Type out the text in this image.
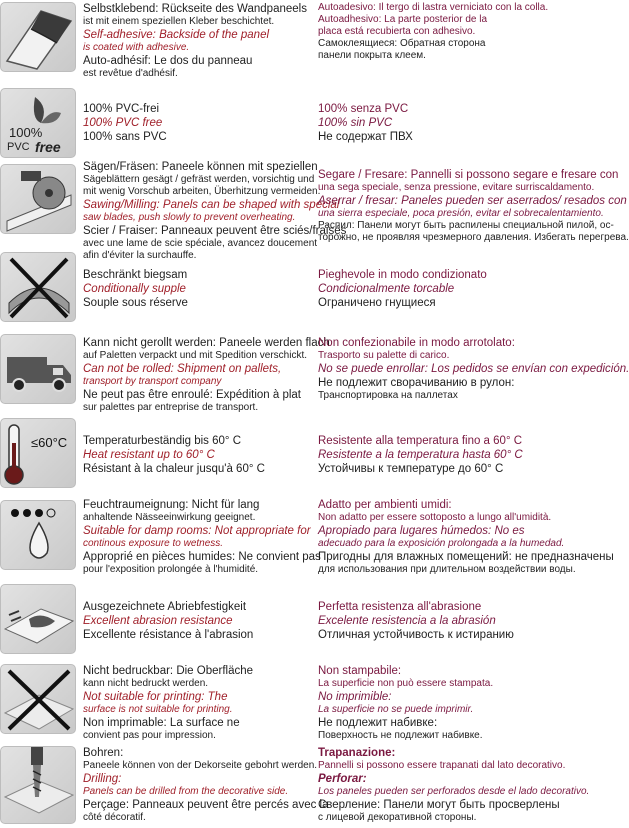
Selbstklebend: Rückseite des Wandpaneels
ist mit einem speziellen Kleber beschichtet.
Self-adhesive: Backside of the panel
is coated with adhesive.
Auto-adhésif: Le dos du panneau
est revêtue d'adhésif.
Autoadesivo: Il tergo di lastra verniciato con la colla.
Autoadhesivo: La parte posterior de la
placa está recubierta con adhesivo.
Самоклеящиеся: Обратная сторона
панели покрыта клеем.
100%
PVC free
100% PVC-frei
100% PVC free
100% sans PVC
100% senza PVC
100% sin PVC
Не содержат ПВХ
Sägen/Fräsen: Paneele können mit speziellen
Sägeblättern gesägt / gefräst werden, vorsichtig und
mit wenig Vorschub arbeiten, Überhitzung vermeiden.
Sawing/Milling: Panels can be shaped with special
saw blades, push slowly to prevent overheating.
Scier / Fraiser: Panneaux peuvent être sciés/fraisés
avec une lame de scie spéciale, avancez doucement
afin d'éviter la surchauffe.
Segare / Fresare: Pannelli si possono segare e fresare con
una sega speciale, senza pressione, evitare surriscaldamento.
Aserrar / fresar: Paneles pueden ser aserrados/ resados con
una sierra especiale, poca presión, evitar el sobrecalentamiento.
Распил: Панели могут быть распилены специальной пилой, ос-
торожно, не проявляя чрезмерного давления. Избегать перегрева.
Beschränkt biegsam
Conditionally supple
Souple sous réserve
Pieghevole in modo condizionato
Condicionalmente torcable
Ограничено гнущиеся
Kann nicht gerollt werden: Paneele werden flach
auf Paletten verpackt und mit Spedition verschickt.
Can not be rolled: Shipment on pallets,
transport by transport company
Ne peut pas être enroulé: Expédition à plat
sur palettes par entreprise de transport.
Non confezionabile in modo arrotolato:
Trasporto su palette di carico.
No se puede enrollar: Los pedidos se envían con expedición.
Не подлежит сворачиванию в рулон:
Транспортировка на паллетах
≤60°C Temperaturbeständig bis 60° C
Heat resistant up to 60° C
Résistant à la chaleur jusqu'à 60° C
Resistente alla temperatura fino a 60° C
Resistente a la temperatura hasta 60° C
Устойчивы к температуре до 60° С
Feuchtraumeignung: Nicht für lang
anhaltende Nässeeinwirkung geeignet.
Suitable for damp rooms: Not appropriate for
continous exposure to wetness.
Approprié en pièces humides: Ne convient pas
pour l'exposition prolongée à l'humidité.
Adatto per ambienti umidi:
Non adatto per essere sottoposto a lungo all'umidità.
Apropiado para lugares húmedos: No es
adecuado para la exposición prolongada a la humedad.
Пригодны для влажных помещений: не предназначены
для использования при длительном воздействии воды.
Ausgezeichnete Abriebfestigkeit
Excellent abrasion resistance
Excellente résistance à l'abrasion
Perfetta resistenza all'abrasione
Excelente resistencia a la abrasión
Отличная устойчивость к истиранию
Nicht bedruckbar: Die Oberfläche
kann nicht bedruckt werden.
Not suitable for printing: The
surface is not suitable for printing.
Non imprimable: La surface ne
convient pas pour impression.
Non stampabile:
La superficie non può essere stampata.
No imprimible:
La superficie no se puede imprimir.
Не подлежит набивке:
Поверхность не подлежит набивке.
Bohren:
Paneele können von der Dekorseite gebohrt werden.
Drilling:
Panels can be drilled from the decorative side.
Perçage: Panneaux peuvent être percés avec la
côté décoratif.
Trapanazione:
Pannelli si possono essere trapanati dal lato decorativo.
Perforar:
Los paneles pueden ser perforados desde el lado decorativo.
Сверление: Панели могут быть просверлены
с лицевой декоративной стороны.
